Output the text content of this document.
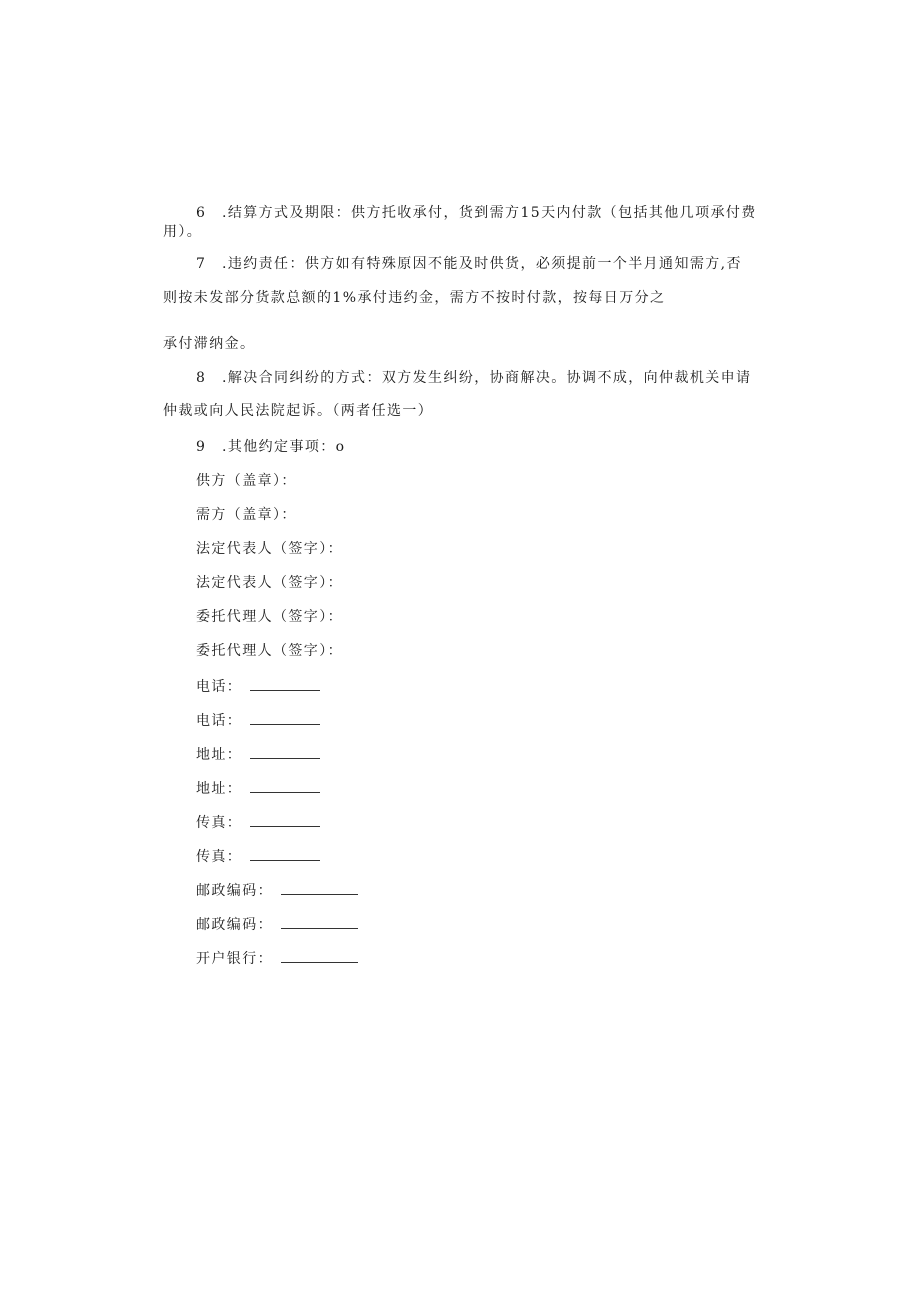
6 .结算方式及期限：供方托收承付，货到需方15天内付款（包括其他几项承付费
用）。
7 .违约责任：供方如有特殊原因不能及时供货，必须提前一个半月通知需方,否
则按未发部分货款总额的1%承付违约金，需方不按时付款，按每日万分之
承付滞纳金。
8 .解决合同纠纷的方式：双方发生纠纷，协商解决。协调不成，向仲裁机关申请
仲裁或向人民法院起诉。（两者任选一）
9 .其他约定事项：o
供方（盖章）：
需方（盖章）：
法定代表人（签字）：
法定代表人（签字）：
委托代理人（签字）：
委托代理人（签字）：
电话：
电话：
地址：
地址：
传真：
传真：
邮政编码：
邮政编码：
开户银行：
